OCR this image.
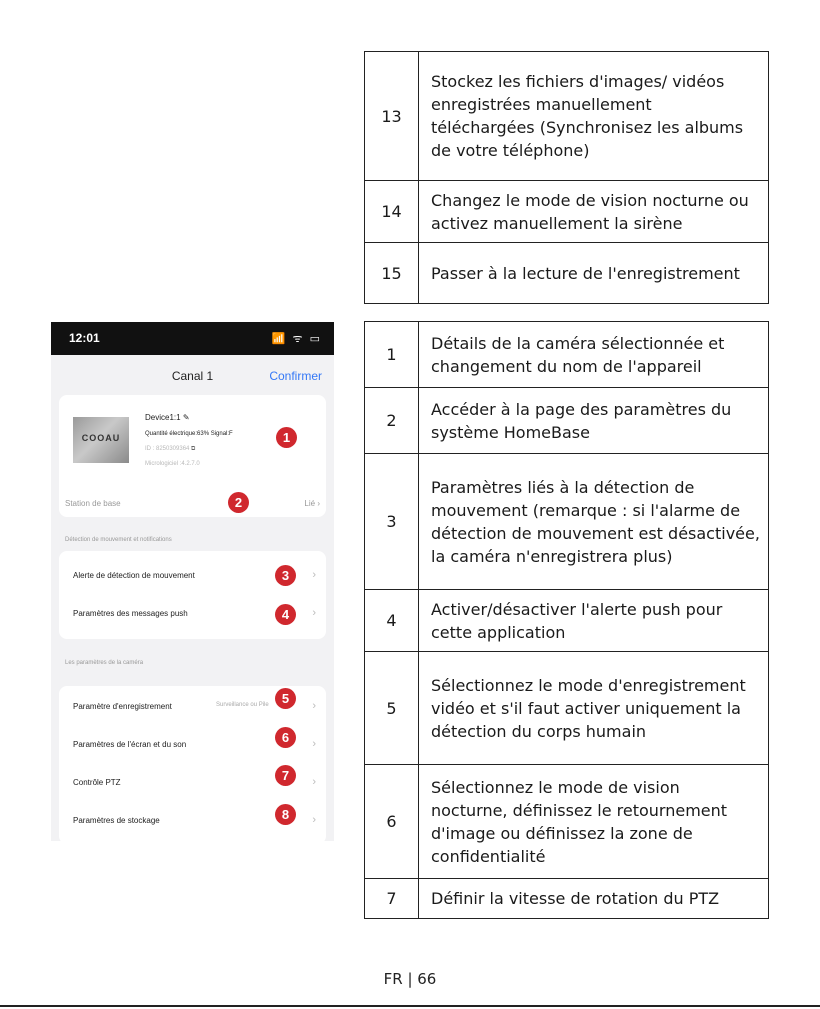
13	Stockez les fichiers d'images/ vidéos enregistrées manuellement téléchargées (Synchronisez les albums de votre téléphone)
14	Changez le mode de vision nocturne ou activez manuellement la sirène
15	Passer à la lecture de l'enregistrement
1	Détails de la caméra sélectionnée et changement du nom de l'appareil
2	Accéder à la page des paramètres du système HomeBase
3	Paramètres liés à la détection de mouvement (remarque : si l'alarme de détection de mouvement est désactivée, la caméra n'enregistrera plus)
4	Activer/désactiver l'alerte push pour cette application
5	Sélectionnez le mode d'enregistrement vidéo et s'il faut activer uniquement la détection du corps humain
6	Sélectionnez le mode de vision nocturne, définissez le retournement d'image ou définissez la zone de confidentialité
7	Définir la vitesse de rotation du PTZ
12:01	📶 ᯤ ▭
Canal 1	Confirmer
COOAU
Device1:1 ✎
Quantité électrique:63% Signal:F
ID : 8250309364 ⧉
Micrologiciel :4.2.7.0
Station de base	Lié ›
Détection de mouvement et notifications
Alerte de détection de mouvement	›
Paramètres des messages push	›
Les paramètres de la caméra
Paramètre d'enregistrement	Surveillance ou Pile	›
Paramètres de l'écran et du son	›
Contrôle PTZ	›
Paramètres de stockage	›
1
2
3
4
5
6
7
8
FR | 66
